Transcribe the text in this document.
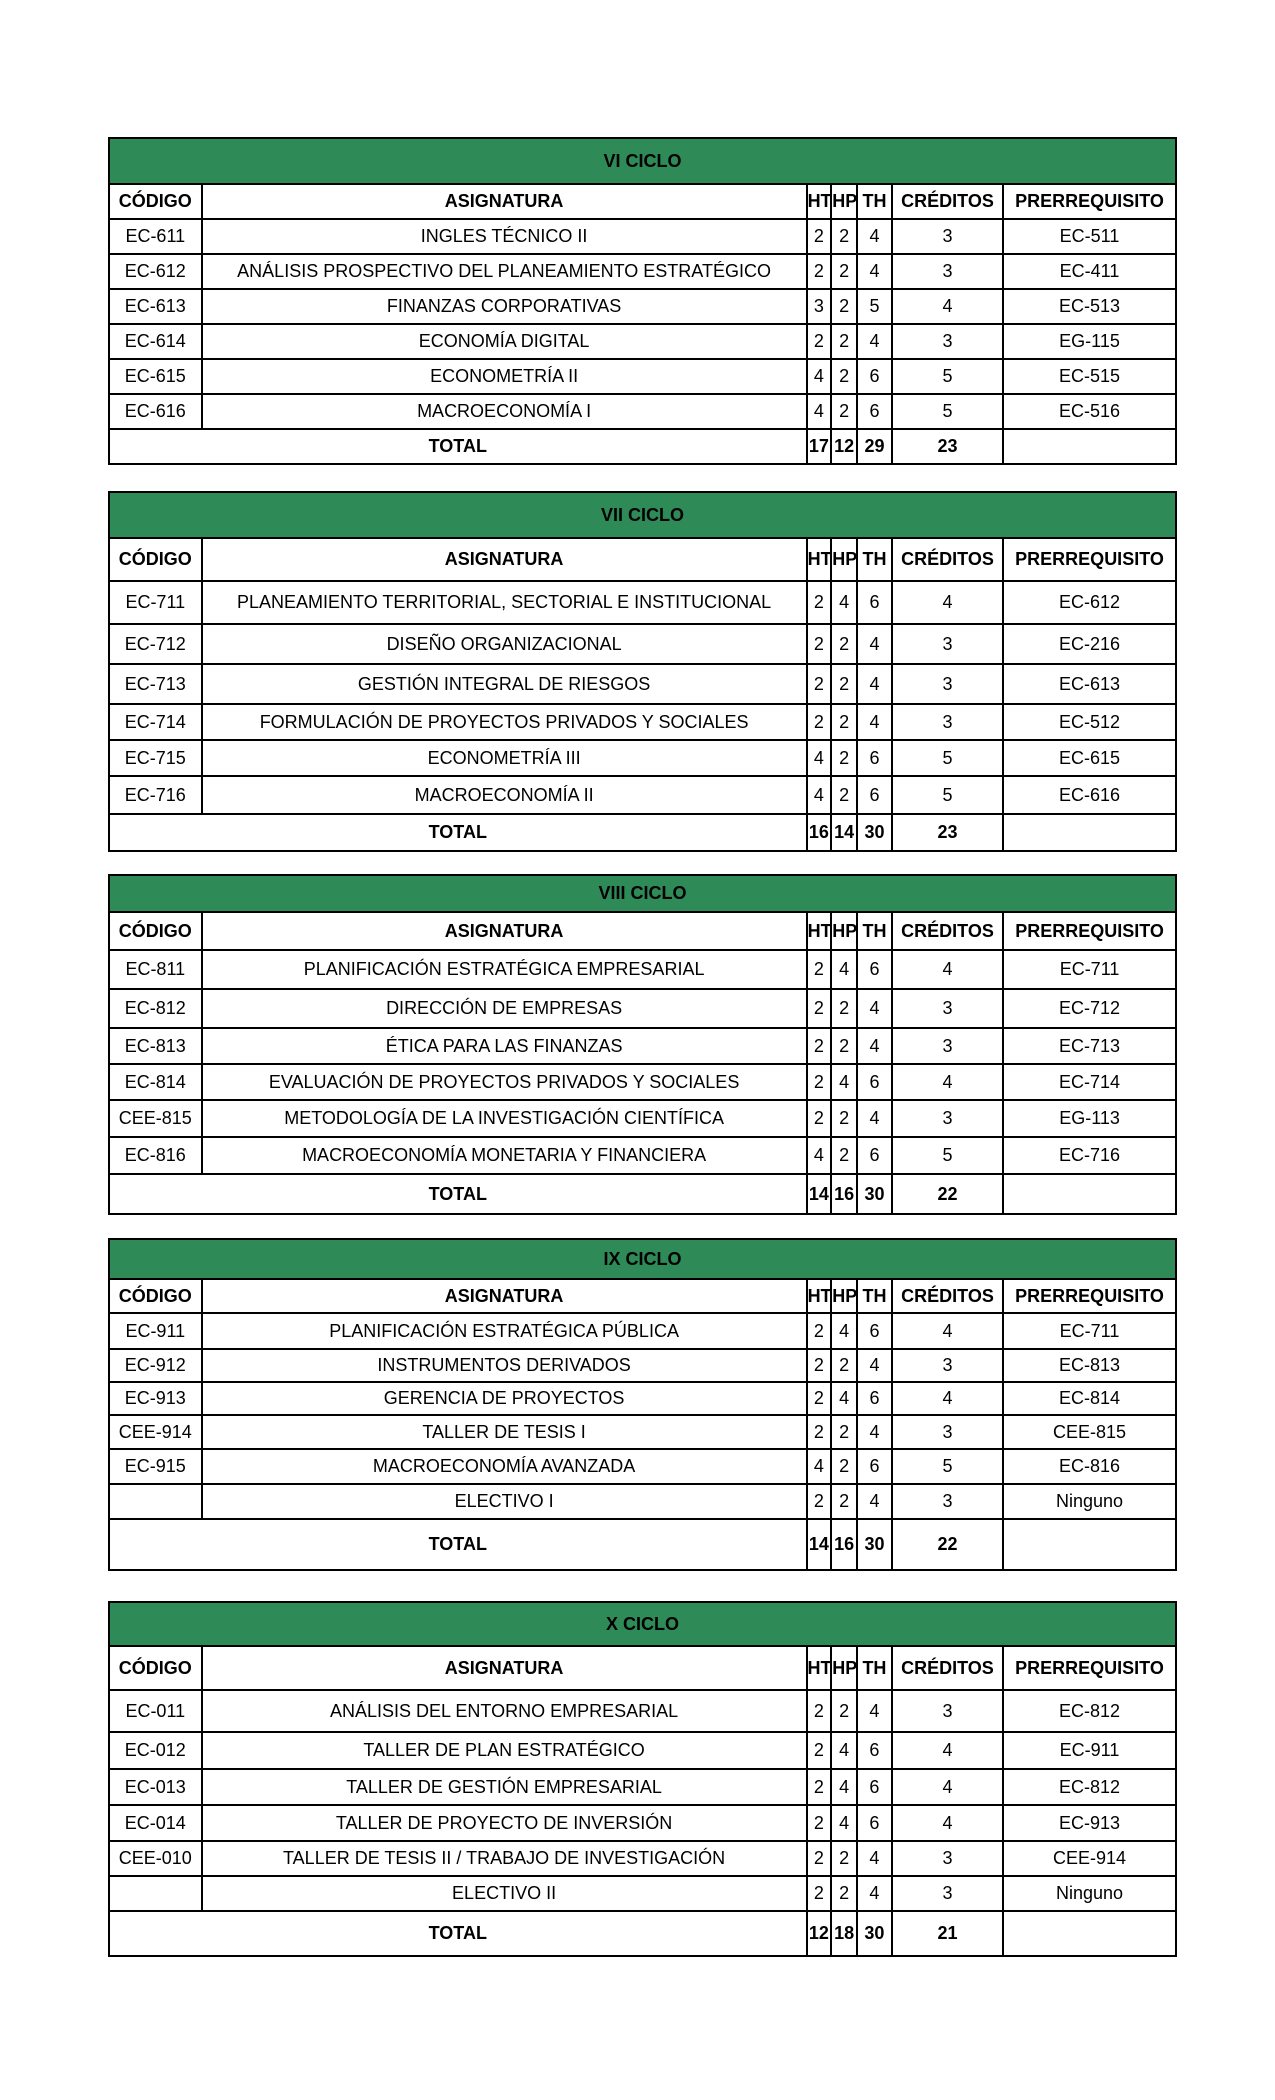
VI CICLO						
CÓDIGO	ASIGNATURA	HT	HP	TH	CRÉDITOS	PRERREQUISITO
EC-611	INGLES TÉCNICO II	2	2	4	3	EC-511
EC-612	ANÁLISIS PROSPECTIVO DEL PLANEAMIENTO ESTRATÉGICO	2	2	4	3	EC-411
EC-613	FINANZAS CORPORATIVAS	3	2	5	4	EC-513
EC-614	ECONOMÍA DIGITAL	2	2	4	3	EG-115
EC-615	ECONOMETRÍA II	4	2	6	5	EC-515
EC-616	MACROECONOMÍA I	4	2	6	5	EC-516
TOTAL		17	12	29	23	
VII CICLO						
CÓDIGO	ASIGNATURA	HT	HP	TH	CRÉDITOS	PRERREQUISITO
EC-711	PLANEAMIENTO TERRITORIAL, SECTORIAL E INSTITUCIONAL	2	4	6	4	EC-612
EC-712	DISEÑO ORGANIZACIONAL	2	2	4	3	EC-216
EC-713	GESTIÓN INTEGRAL DE RIESGOS	2	2	4	3	EC-613
EC-714	FORMULACIÓN DE PROYECTOS PRIVADOS Y SOCIALES	2	2	4	3	EC-512
EC-715	ECONOMETRÍA III	4	2	6	5	EC-615
EC-716	MACROECONOMÍA II	4	2	6	5	EC-616
TOTAL		16	14	30	23	
VIII CICLO						
CÓDIGO	ASIGNATURA	HT	HP	TH	CRÉDITOS	PRERREQUISITO
EC-811	PLANIFICACIÓN ESTRATÉGICA EMPRESARIAL	2	4	6	4	EC-711
EC-812	DIRECCIÓN DE EMPRESAS	2	2	4	3	EC-712
EC-813	ÉTICA PARA LAS FINANZAS	2	2	4	3	EC-713
EC-814	EVALUACIÓN DE PROYECTOS PRIVADOS Y SOCIALES	2	4	6	4	EC-714
CEE-815	METODOLOGÍA DE LA INVESTIGACIÓN CIENTÍFICA	2	2	4	3	EG-113
EC-816	MACROECONOMÍA MONETARIA Y FINANCIERA	4	2	6	5	EC-716
TOTAL		14	16	30	22	
IX CICLO						
CÓDIGO	ASIGNATURA	HT	HP	TH	CRÉDITOS	PRERREQUISITO
EC-911	PLANIFICACIÓN ESTRATÉGICA PÚBLICA	2	4	6	4	EC-711
EC-912	INSTRUMENTOS DERIVADOS	2	2	4	3	EC-813
EC-913	GERENCIA DE PROYECTOS	2	4	6	4	EC-814
CEE-914	TALLER DE TESIS I	2	2	4	3	CEE-815
EC-915	MACROECONOMÍA AVANZADA	4	2	6	5	EC-816
	ELECTIVO I	2	2	4	3	Ninguno
TOTAL		14	16	30	22	
X CICLO						
CÓDIGO	ASIGNATURA	HT	HP	TH	CRÉDITOS	PRERREQUISITO
EC-011	ANÁLISIS DEL ENTORNO EMPRESARIAL	2	2	4	3	EC-812
EC-012	TALLER DE PLAN ESTRATÉGICO	2	4	6	4	EC-911
EC-013	TALLER DE GESTIÓN EMPRESARIAL	2	4	6	4	EC-812
EC-014	TALLER DE PROYECTO DE INVERSIÓN	2	4	6	4	EC-913
CEE-010	TALLER DE TESIS II / TRABAJO DE INVESTIGACIÓN	2	2	4	3	CEE-914
	ELECTIVO II	2	2	4	3	Ninguno
TOTAL		12	18	30	21	
